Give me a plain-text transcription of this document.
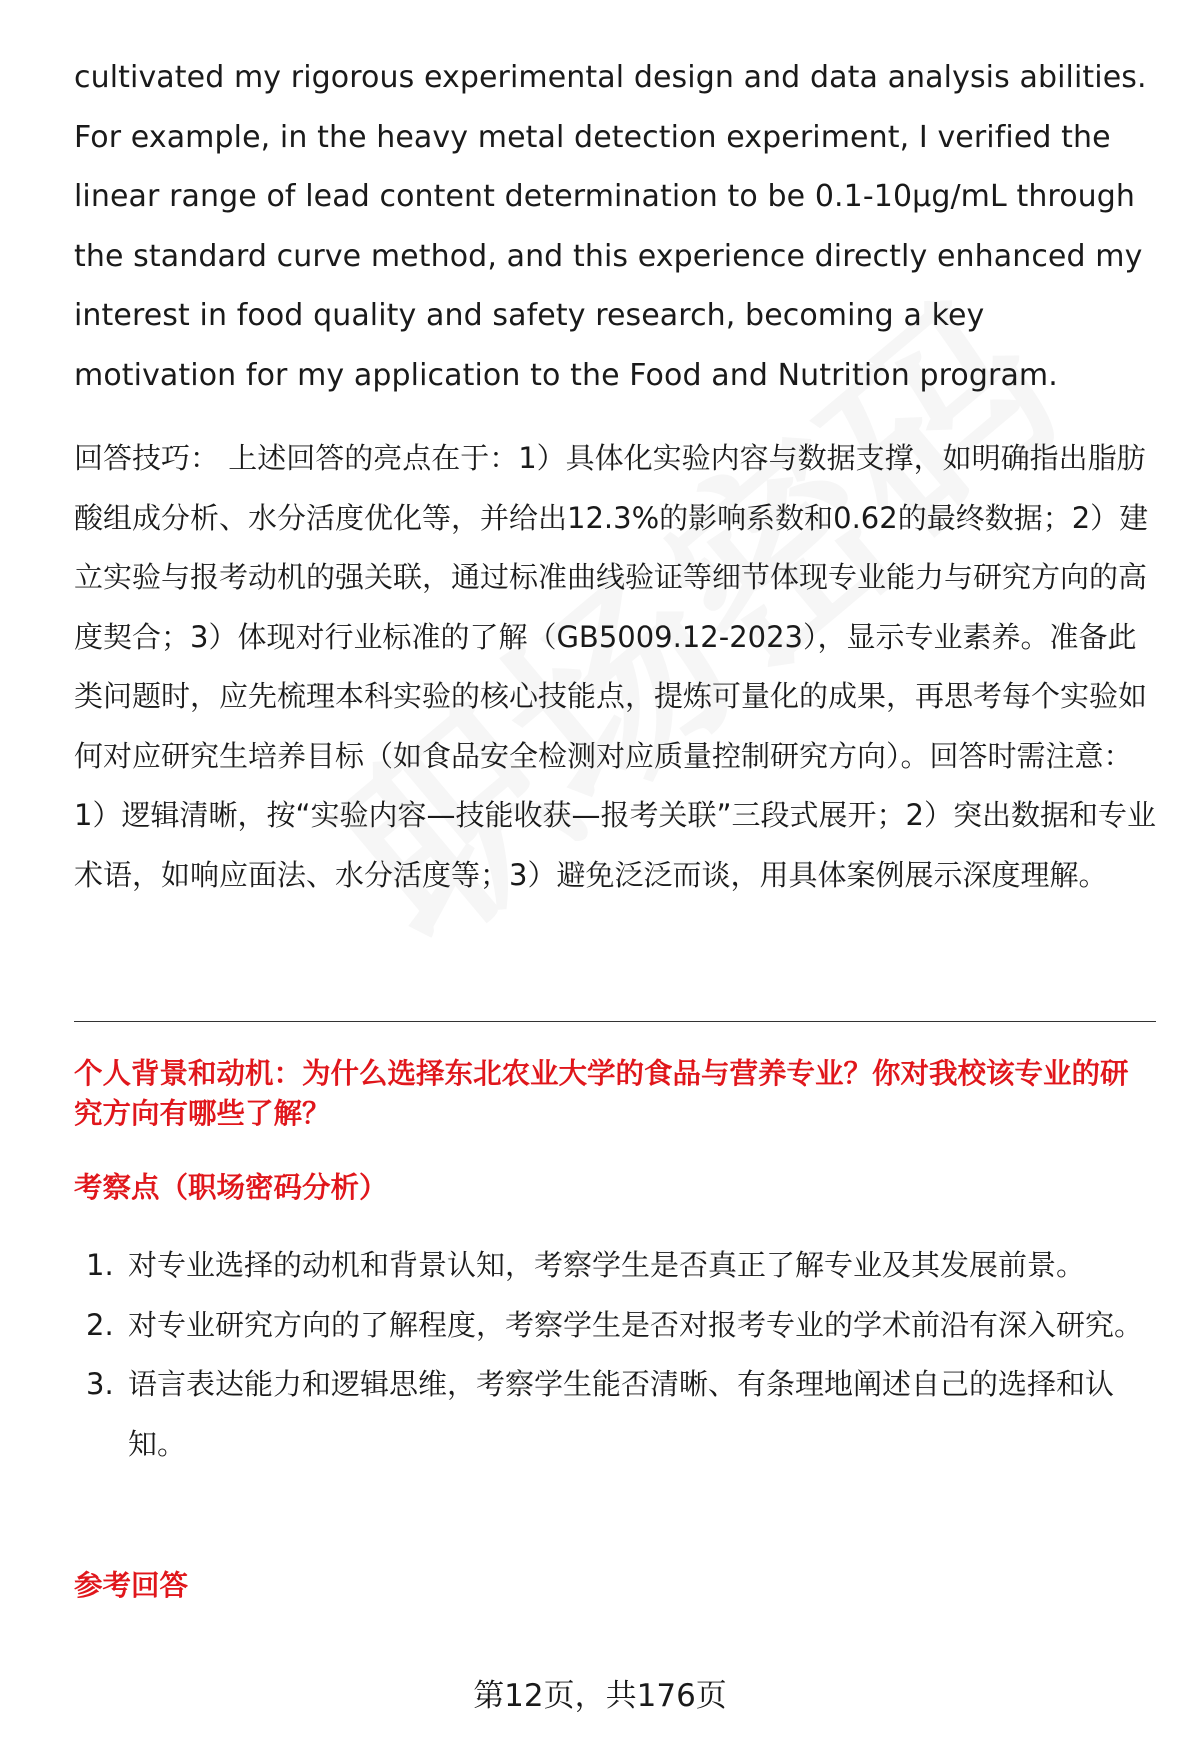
cultivated my rigorous experimental design and data analysis abilities. For example, in the heavy metal detection experiment, I verified the linear range of lead content determination to be 0.1-10μg/mL through the standard curve method, and this experience directly enhanced my interest in food quality and safety research, becoming a key motivation for my application to the Food and Nutrition program.

回答技巧： 上述回答的亮点在于：1）具体化实验内容与数据支撑，如明确指出脂肪酸组成分析、水分活度优化等，并给出12.3%的影响系数和0.62的最终数据；2）建立实验与报考动机的强关联，通过标准曲线验证等细节体现专业能力与研究方向的高度契合；3）体现对行业标准的了解（GB5009.12-2023），显示专业素养。准备此类问题时，应先梳理本科实验的核心技能点，提炼可量化的成果，再思考每个实验如何对应研究生培养目标（如食品安全检测对应质量控制研究方向）。回答时需注意：1）逻辑清晰，按“实验内容—技能收获—报考关联”三段式展开；2）突出数据和专业术语，如响应面法、水分活度等；3）避免泛泛而谈，用具体案例展示深度理解。

个人背景和动机：为什么选择东北农业大学的食品与营养专业？你对我校该专业的研究方向有哪些了解？

考察点（职场密码分析）

1. 对专业选择的动机和背景认知，考察学生是否真正了解专业及其发展前景。
2. 对专业研究方向的了解程度，考察学生是否对报考专业的学术前沿有深入研究。
3. 语言表达能力和逻辑思维，考察学生能否清晰、有条理地阐述自己的选择和认知。

参考回答

第12页，共176页
